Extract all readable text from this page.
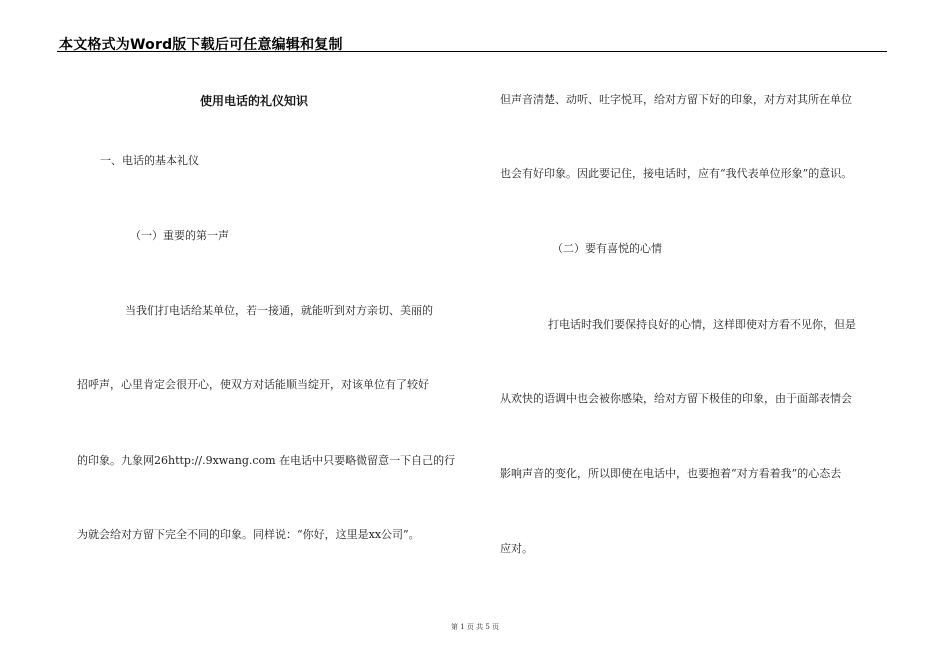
本文格式为Word版下载后可任意编辑和复制
使用电话的礼仪知识
一、电话的基本礼仪
（一）重要的第一声
当我们打电话给某单位，若一接通，就能听到对方亲切、美丽的
招呼声，心里肯定会很开心，使双方对话能顺当绽开，对该单位有了较好
的印象。九象网26http://.9xwang.com 在电话中只要略微留意一下自己的行
为就会给对方留下完全不同的印象。同样说：“你好，这里是xx公司”。
但声音清楚、动听、吐字悦耳，给对方留下好的印象，对方对其所在单位
也会有好印象。因此要记住，接电话时，应有“我代表单位形象”的意识。
（二）要有喜悦的心情
打电话时我们要保持良好的心情，这样即使对方看不见你，但是
从欢快的语调中也会被你感染，给对方留下极佳的印象，由于面部表情会
影响声音的变化，所以即使在电话中，也要抱着“对方看着我”的心态去
应对。
第 1 页 共 5 页
